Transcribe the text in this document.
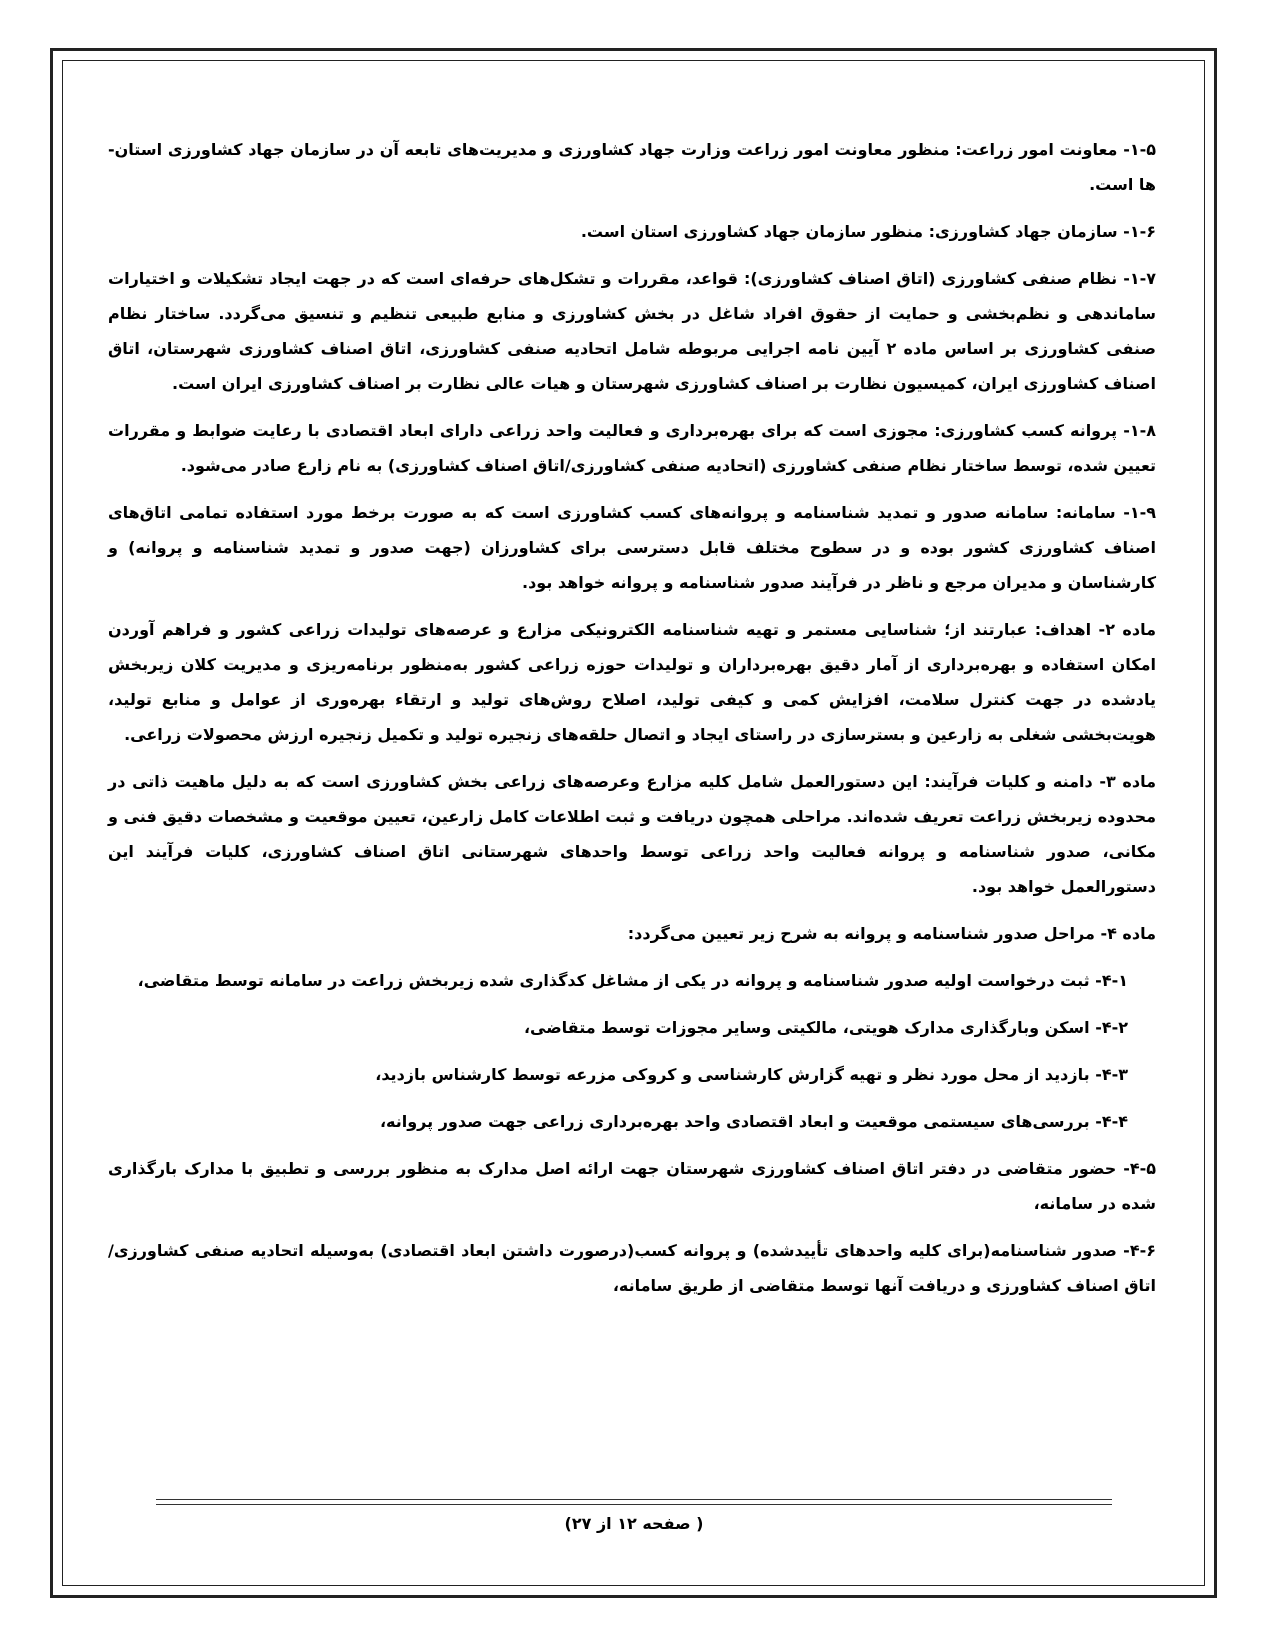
۱-۵- معاونت امور زراعت: منظور معاونت امور زراعت وزارت جهاد کشاورزی و مدیریت‌های تابعه آن در سازمان جهاد کشاورزی استان-ها است.

۱-۶- سازمان جهاد کشاورزی: منظور سازمان جهاد کشاورزی استان است.

۱-۷- نظام صنفی کشاورزی (اتاق اصناف کشاورزی): قواعد، مقررات و تشکل‌های حرفه‌ای است که در جهت ایجاد تشکیلات و اختیارات ساماندهی و نظم‌بخشی و حمایت از حقوق افراد شاغل در بخش کشاورزی و منابع طبیعی تنظیم و تنسیق می‌گردد. ساختار نظام صنفی کشاورزی بر اساس ماده ۲ آیین نامه اجرایی مربوطه شامل اتحادیه صنفی کشاورزی، اتاق اصناف کشاورزی شهرستان، اتاق اصناف کشاورزی ایران، کمیسیون نظارت بر اصناف کشاورزی شهرستان و هیات عالی نظارت بر اصناف کشاورزی ایران است.

۱-۸- پروانه کسب کشاورزی: مجوزی است که برای بهره‌برداری و فعالیت واحد زراعی دارای ابعاد اقتصادی با رعایت ضوابط و مقررات تعیین شده، توسط ساختار نظام صنفی کشاورزی (اتحادیه صنفی کشاورزی/اتاق اصناف کشاورزی) به نام زارع صادر می‌شود.

۱-۹- سامانه: سامانه صدور و تمدید شناسنامه و پروانه‌های کسب کشاورزی است که به صورت برخط مورد استفاده تمامی اتاق‌های اصناف کشاورزی کشور بوده و در سطوح مختلف قابل دسترسی برای کشاورزان (جهت صدور و تمدید شناسنامه و پروانه) و کارشناسان و مدیران مرجع و ناظر در فرآیند صدور شناسنامه و پروانه خواهد بود.

ماده ۲- اهداف: عبارتند از؛ شناسایی مستمر و تهیه شناسنامه الکترونیکی مزارع و عرصه‌های تولیدات زراعی کشور و فراهم آوردن امکان استفاده و بهره‌برداری از آمار دقیق بهره‌برداران و تولیدات حوزه زراعی کشور به‌منظور برنامه‌ریزی و مدیریت کلان زیربخش یادشده در جهت کنترل سلامت، افزایش کمی و کیفی تولید، اصلاح روش‌های تولید و ارتقاء بهره‌وری از عوامل و منابع تولید، هویت‌بخشی شغلی به زارعین و بسترسازی در راستای ایجاد و اتصال حلقه‌های زنجیره تولید و تکمیل زنجیره ارزش محصولات زراعی.

ماده ۳- دامنه و کلیات فرآیند: این دستورالعمل شامل کلیه مزارع وعرصه‌های زراعی بخش کشاورزی است که به دلیل ماهیت ذاتی در محدوده زیربخش زراعت تعریف شده‌اند. مراحلی همچون دریافت و ثبت اطلاعات کامل زارعین، تعیین موقعیت و مشخصات دقیق فنی و مکانی، صدور شناسنامه و پروانه فعالیت واحد زراعی توسط واحدهای شهرستانی اتاق اصناف کشاورزی، کلیات فرآیند این دستورالعمل خواهد بود.

ماده ۴- مراحل صدور شناسنامه و پروانه به شرح زیر تعیین می‌گردد:

۴-۱- ثبت درخواست اولیه صدور شناسنامه و پروانه در یکی از مشاغل کدگذاری شده زیربخش زراعت در سامانه توسط متقاضی،

۴-۲- اسکن وبارگذاری مدارک هویتی، مالکیتی وسایر مجوزات توسط متقاضی،

۴-۳- بازدید از محل مورد نظر و تهیه گزارش کارشناسی و کروکی مزرعه توسط کارشناس بازدید،

۴-۴- بررسی‌های سیستمی موقعیت و ابعاد اقتصادی واحد بهره‌برداری زراعی جهت صدور پروانه،

۴-۵- حضور متقاضی در دفتر اتاق اصناف کشاورزی شهرستان جهت ارائه اصل مدارک به منظور بررسی و تطبیق با مدارک بارگذاری شده در سامانه،

۴-۶- صدور شناسنامه(برای کلیه واحدهای تأییدشده) و پروانه کسب(درصورت داشتن ابعاد اقتصادی) به‌وسیله اتحادیه صنفی کشاورزی/ اتاق اصناف کشاورزی و دریافت آنها توسط متقاضی از طریق سامانه،

( صفحه ۱۲ از ۲۷)
